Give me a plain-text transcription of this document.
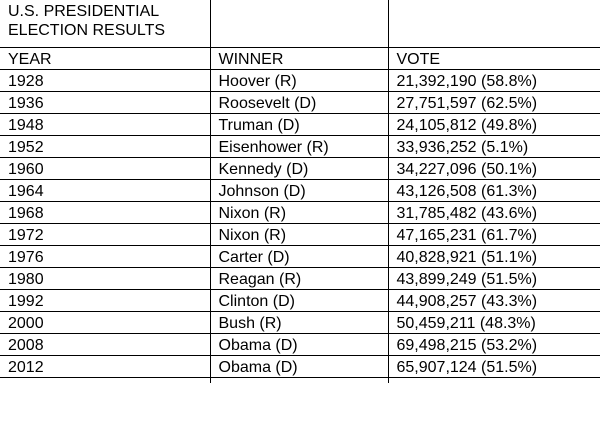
U.S. PRESIDENTIAL ELECTION RESULTS		

YEAR	WINNER	VOTE
1928	Hoover (R)	21,392,190 (58.8%)
1936	Roosevelt (D)	27,751,597 (62.5%)
1948	Truman (D)	24,105,812 (49.8%)
1952	Eisenhower (R)	33,936,252 (5.1%)
1960	Kennedy (D)	34,227,096 (50.1%)
1964	Johnson (D)	43,126,508 (61.3%)
1968	Nixon (R)	31,785,482 (43.6%)
1972	Nixon (R)	47,165,231 (61.7%)
1976	Carter (D)	40,828,921 (51.1%)
1980	Reagan (R)	43,899,249 (51.5%)
1992	Clinton (D)	44,908,257 (43.3%)
2000	Bush (R)	50,459,211 (48.3%)
2008	Obama (D)	69,498,215 (53.2%)
2012	Obama (D)	65,907,124 (51.5%)
